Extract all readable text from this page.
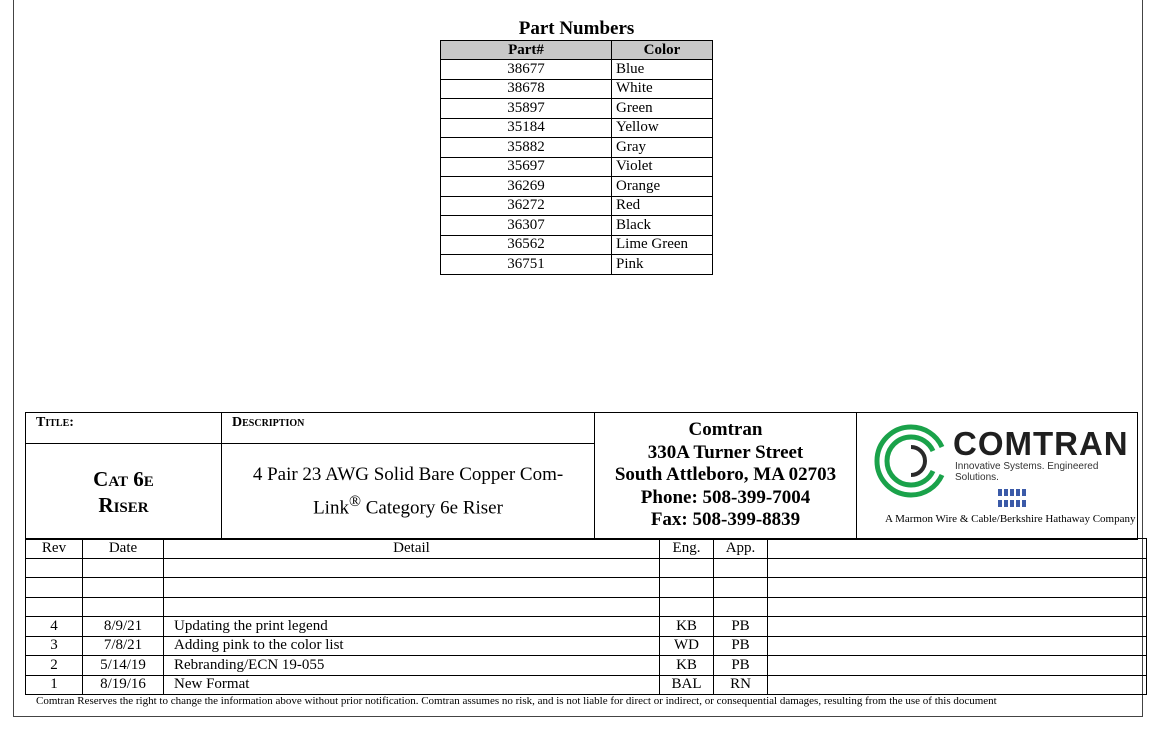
Part Numbers
Part#	Color
38677	Blue
38678	White
35897	Green
35184	Yellow
35882	Gray
35697	Violet
36269	Orange
36272	Red
36307	Black
36562	Lime Green
36751	Pink
Title:
Cat 6e
Riser
Description
4 Pair 23 AWG Solid Bare Copper Com-
Link® Category 6e Riser
Comtran
330A Turner Street
South Attleboro, MA 02703
Phone: 508-399-7004
Fax: 508-399-8839
COMTRAN
Innovative Systems. Engineered Solutions.
A Marmon Wire & Cable/Berkshire Hathaway Company
Rev	Date	Detail	Eng.	App.	

4	8/9/21	Updating the print legend	KB	PB	
3	7/8/21	Adding pink to the color list	WD	PB	
2	5/14/19	Rebranding/ECN 19-055	KB	PB	
1	8/19/16	New Format	BAL	RN	
Comtran Reserves the right to change the information above without prior notification. Comtran assumes no risk, and is not liable for direct or indirect, or consequential damages, resulting from the use of this document
